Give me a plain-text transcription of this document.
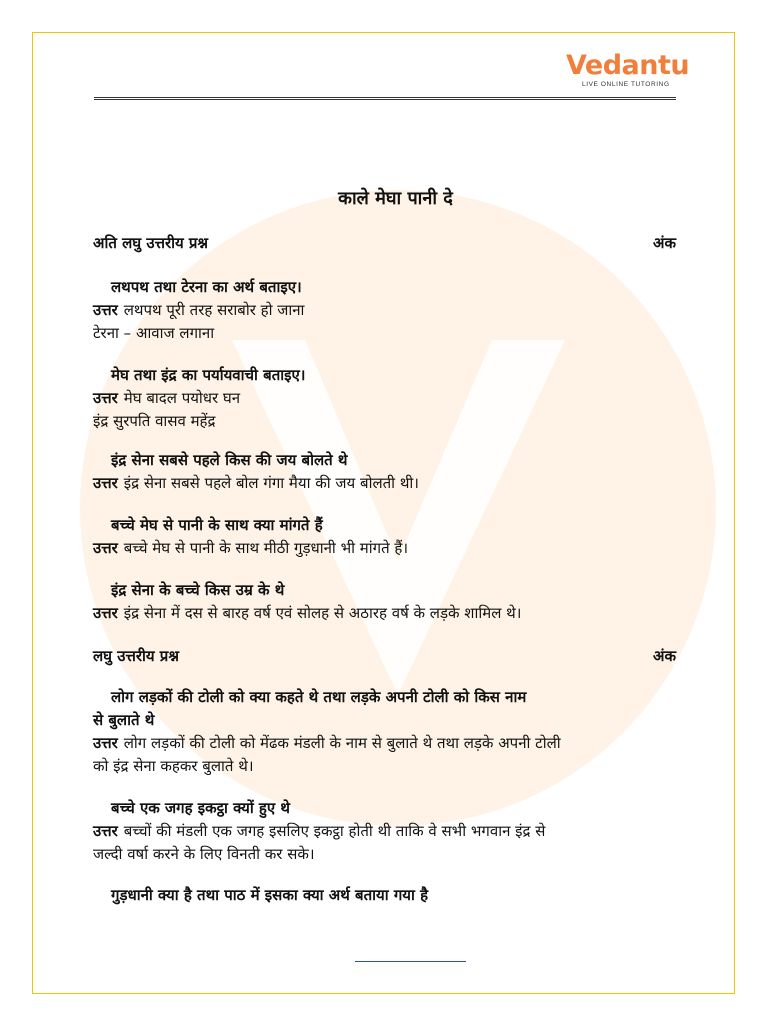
Vedantu
LIVE ONLINE TUTORING
काले मेघा पानी दे
अति लघु उत्तरीय प्रश्न	अंक
लथपथ तथा टेरना का अर्थ बताइए।
उत्तर लथपथ पूरी तरह सराबोर हो जाना
टेरना – आवाज लगाना
मेघ तथा इंद्र का पर्यायवाची बताइए।
उत्तर मेघ बादल पयोधर घन
इंद्र सुरपति वासव महेंद्र
इंद्र सेना सबसे पहले किस की जय बोलते थे
उत्तर इंद्र सेना सबसे पहले बोल गंगा मैया की जय बोलती थी।
बच्चे मेघ से पानी के साथ क्या मांगते हैं
उत्तर बच्चे मेघ से पानी के साथ मीठी गुड़धानी भी मांगते हैं।
इंद्र सेना के बच्चे किस उम्र के थे
उत्तर इंद्र सेना में दस से बारह वर्ष एवं सोलह से अठारह वर्ष के लड़के शामिल थे।
लघु उत्तरीय प्रश्न	अंक
लोग लड़कों की टोली को क्या कहते थे तथा लड़के अपनी टोली को किस नाम
से बुलाते थे
उत्तर लोग लड़कों की टोली को मेंढक मंडली के नाम से बुलाते थे तथा लड़के अपनी टोली
को इंद्र सेना कहकर बुलाते थे।
बच्चे एक जगह इकट्ठा क्यों हुए थे
उत्तर बच्चों की मंडली एक जगह इसलिए इकट्ठा होती थी ताकि वे सभी भगवान इंद्र से
जल्दी वर्षा करने के लिए विनती कर सके।
गुड़धानी क्या है तथा पाठ में इसका क्या अर्थ बताया गया है
